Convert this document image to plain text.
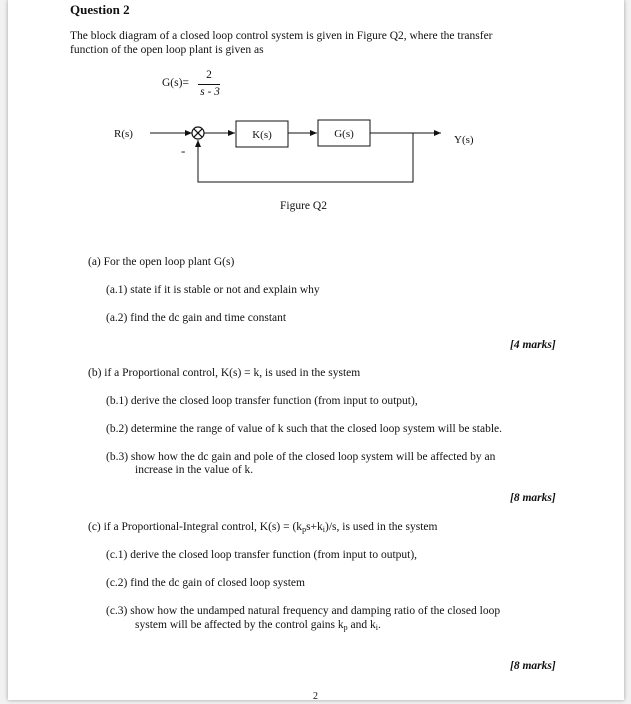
Question 2
The block diagram of a closed loop control system is given in Figure Q2, where the transfer
function of the open loop plant is given as
G(s)=
2
s - 3
R(s)
-
K(s)	G(s)	Y(s)
Figure Q2
(a) For the open loop plant G(s)
(a.1) state if it is stable or not and explain why
(a.2) find the dc gain and time constant
[4 marks]
(b) if a Proportional control, K(s) = k, is used in the system
(b.1) derive the closed loop transfer function (from input to output),
(b.2) determine the range of value of k such that the closed loop system will be stable.
(b.3) show how the dc gain and pole of the closed loop system will be affected by an
increase in the value of k.
[8 marks]
(c) if a Proportional-Integral control, $K(s) = (k_ps+k_i)/s$, is used in the system
(c.1) derive the closed loop transfer function (from input to output),
(c.2) find the dc gain of closed loop system
(c.3) show how the undamped natural frequency and damping ratio of the closed loop
system will be affected by the control gains $k_p$ and $k_i$.
[8 marks]
2
